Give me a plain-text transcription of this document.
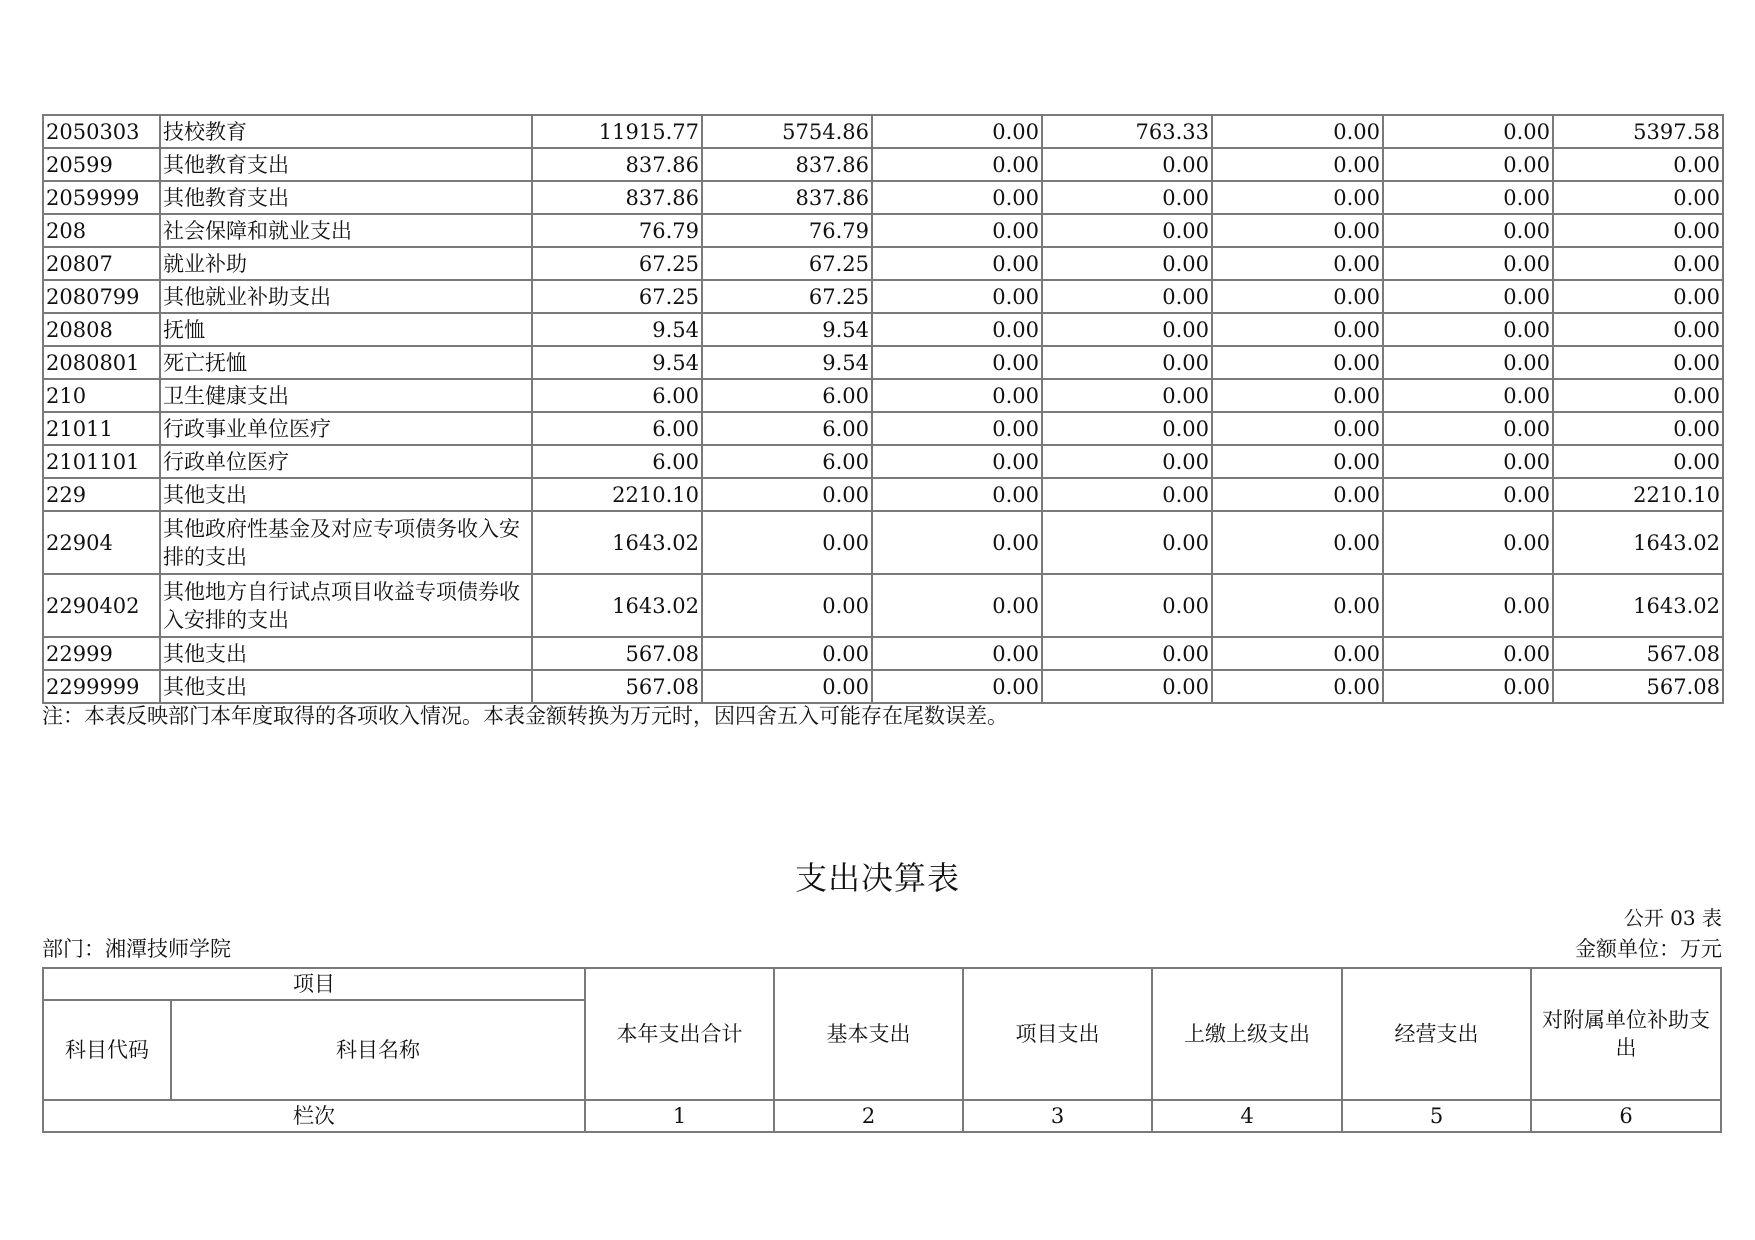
2050303	技校教育	11915.77	5754.86	0.00	763.33	0.00	0.00	5397.58
20599	其他教育支出	837.86	837.86	0.00	0.00	0.00	0.00	0.00
2059999	其他教育支出	837.86	837.86	0.00	0.00	0.00	0.00	0.00
208	社会保障和就业支出	76.79	76.79	0.00	0.00	0.00	0.00	0.00
20807	就业补助	67.25	67.25	0.00	0.00	0.00	0.00	0.00
2080799	其他就业补助支出	67.25	67.25	0.00	0.00	0.00	0.00	0.00
20808	抚恤	9.54	9.54	0.00	0.00	0.00	0.00	0.00
2080801	死亡抚恤	9.54	9.54	0.00	0.00	0.00	0.00	0.00
210	卫生健康支出	6.00	6.00	0.00	0.00	0.00	0.00	0.00
21011	行政事业单位医疗	6.00	6.00	0.00	0.00	0.00	0.00	0.00
2101101	行政单位医疗	6.00	6.00	0.00	0.00	0.00	0.00	0.00
229	其他支出	2210.10	0.00	0.00	0.00	0.00	0.00	2210.10
22904	其他政府性基金及对应专项债务收入安排的支出	1643.02	0.00	0.00	0.00	0.00	0.00	1643.02
2290402	其他地方自行试点项目收益专项债券收入安排的支出	1643.02	0.00	0.00	0.00	0.00	0.00	1643.02
22999	其他支出	567.08	0.00	0.00	0.00	0.00	0.00	567.08
2299999	其他支出	567.08	0.00	0.00	0.00	0.00	0.00	567.08
注：本表反映部门本年度取得的各项收入情况。本表金额转换为万元时，因四舍五入可能存在尾数误差。
支出决算表
公开 03 表
部门：湘潭技师学院	金额单位：万元
项目		本年支出合计	基本支出	项目支出	上缴上级支出	经营支出	对附属单位补助支出
科目代码	科目名称						
栏次		1	2	3	4	5	6
